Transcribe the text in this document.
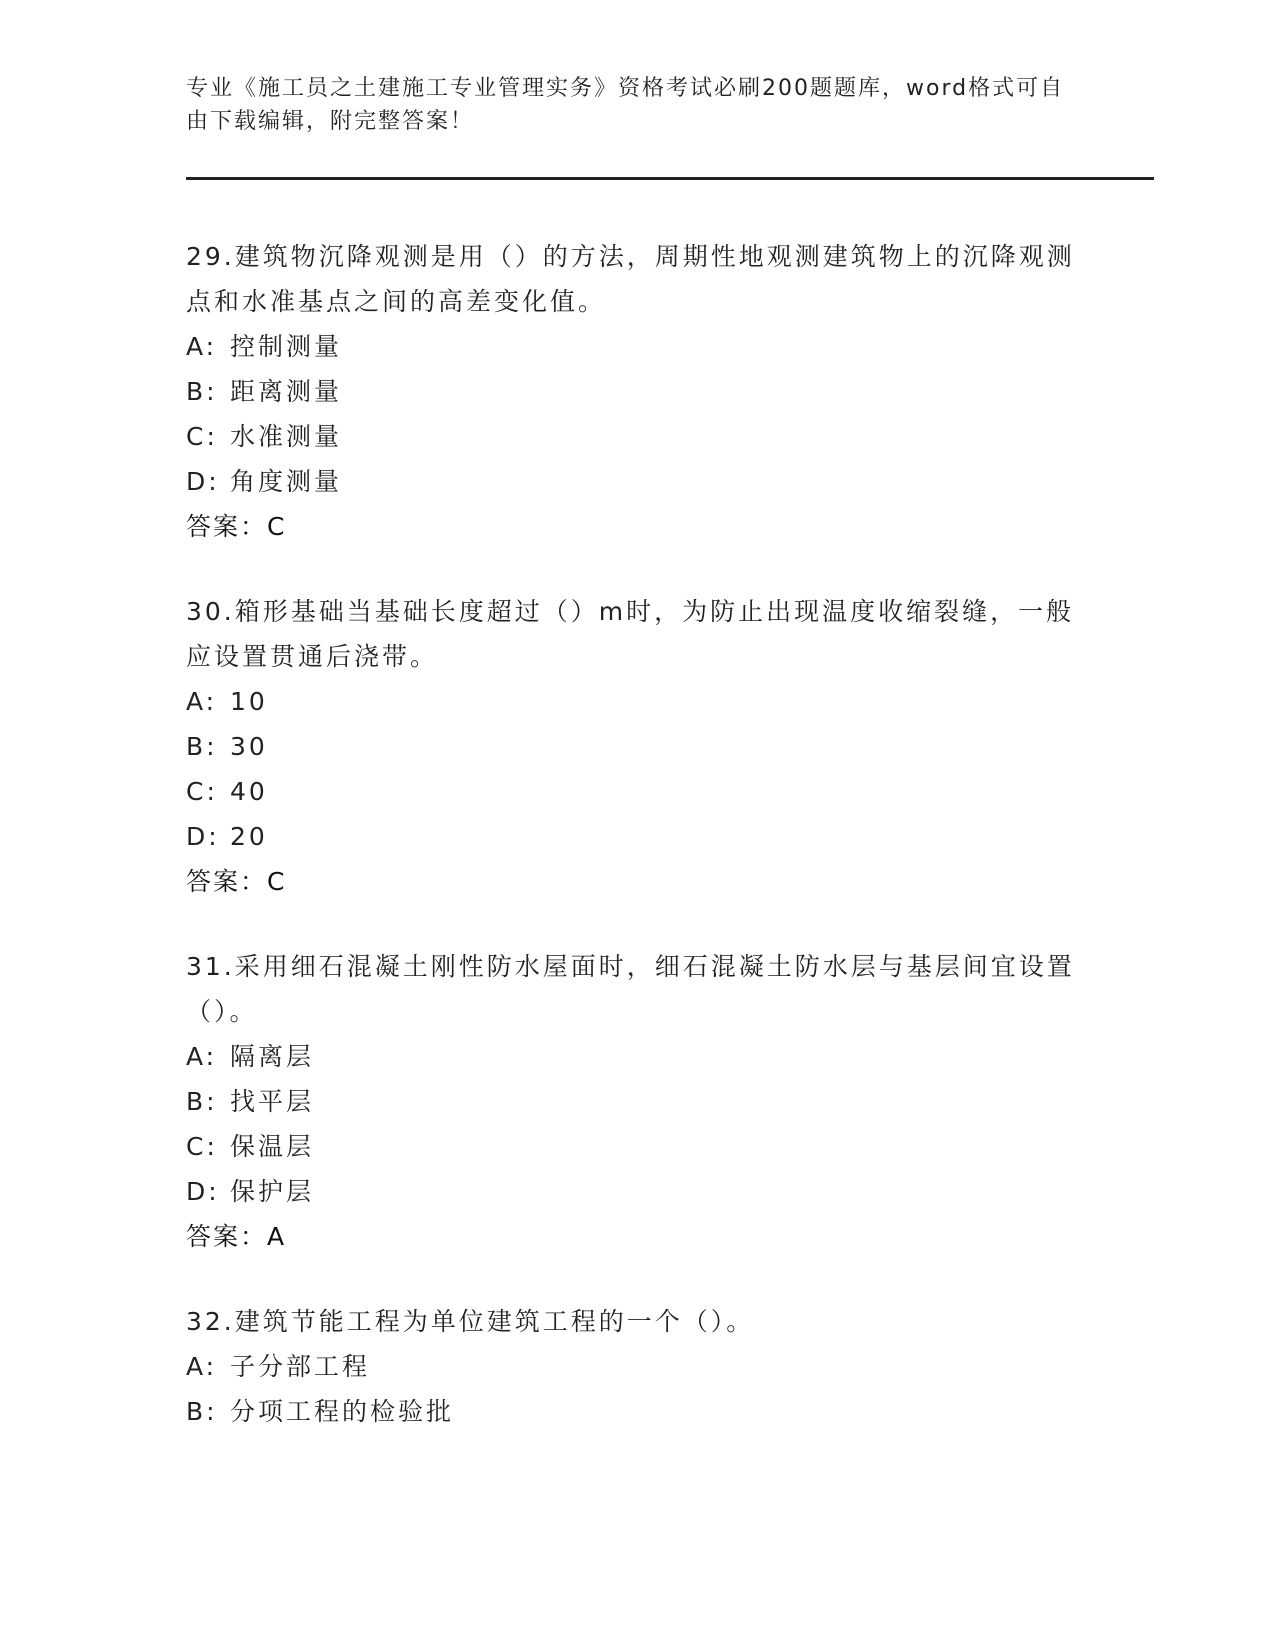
专业《施工员之土建施工专业管理实务》资格考试必刷200题题库，word格式可自由下载编辑，附完整答案！

29.建筑物沉降观测是用（）的方法，周期性地观测建筑物上的沉降观测点和水准基点之间的高差变化值。

A: 控制测量

B: 距离测量

C: 水准测量

D: 角度测量

答案：C

30.箱形基础当基础长度超过（）m时，为防止出现温度收缩裂缝，一般应设置贯通后浇带。

A: 10

B: 30

C: 40

D: 20

答案：C

31.采用细石混凝土刚性防水屋面时，细石混凝土防水层与基层间宜设置（）。

A: 隔离层

B: 找平层

C: 保温层

D: 保护层

答案：A

32.建筑节能工程为单位建筑工程的一个（）。

A: 子分部工程

B: 分项工程的检验批
